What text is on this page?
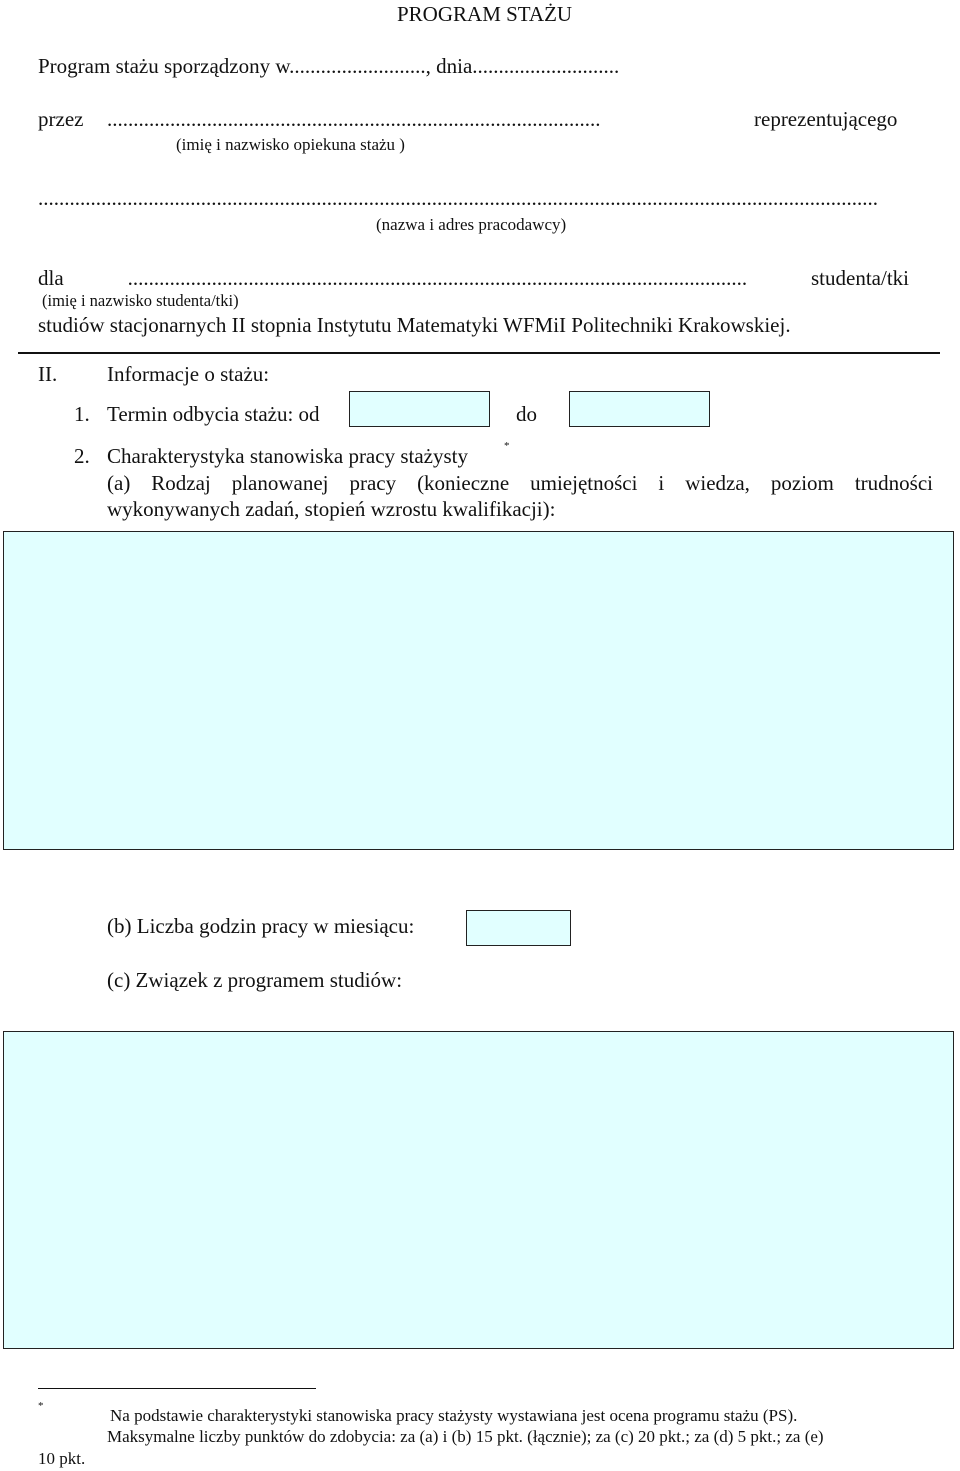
PROGRAM STAŻU
Program stażu sporządzony w.........................., dnia............................
przez ..............................................................................................	reprezentującego
(imię i nazwisko opiekuna stażu )
................................................................................................................................................................
(nazwa i adres pracodawcy)
dla ...................................................................................................................... studenta/tki
(imię i nazwisko studenta/tki)
studiów stacjonarnych II stopnia Instytutu Matematyki WFMiI Politechniki Krakowskiej.
II. Informacje o stażu:
1. Termin odbycia stażu: od	do
2. Charakterystyka stanowiska pracy stażysty	*
(a) Rodzaj planowanej pracy (konieczne umiejętności i wiedza, poziom trudności
wykonywanych zadań, stopień wzrostu kwalifikacji):
(b) Liczba godzin pracy w miesiącu:
(c) Związek z programem studiów:
*	Na podstawie charakterystyki stanowiska pracy stażysty wystawiana jest ocena programu stażu (PS).
Maksymalne liczby punktów do zdobycia: za (a) i (b) 15 pkt. (łącznie); za (c) 20 pkt.; za (d) 5 pkt.; za (e)
10 pkt.
